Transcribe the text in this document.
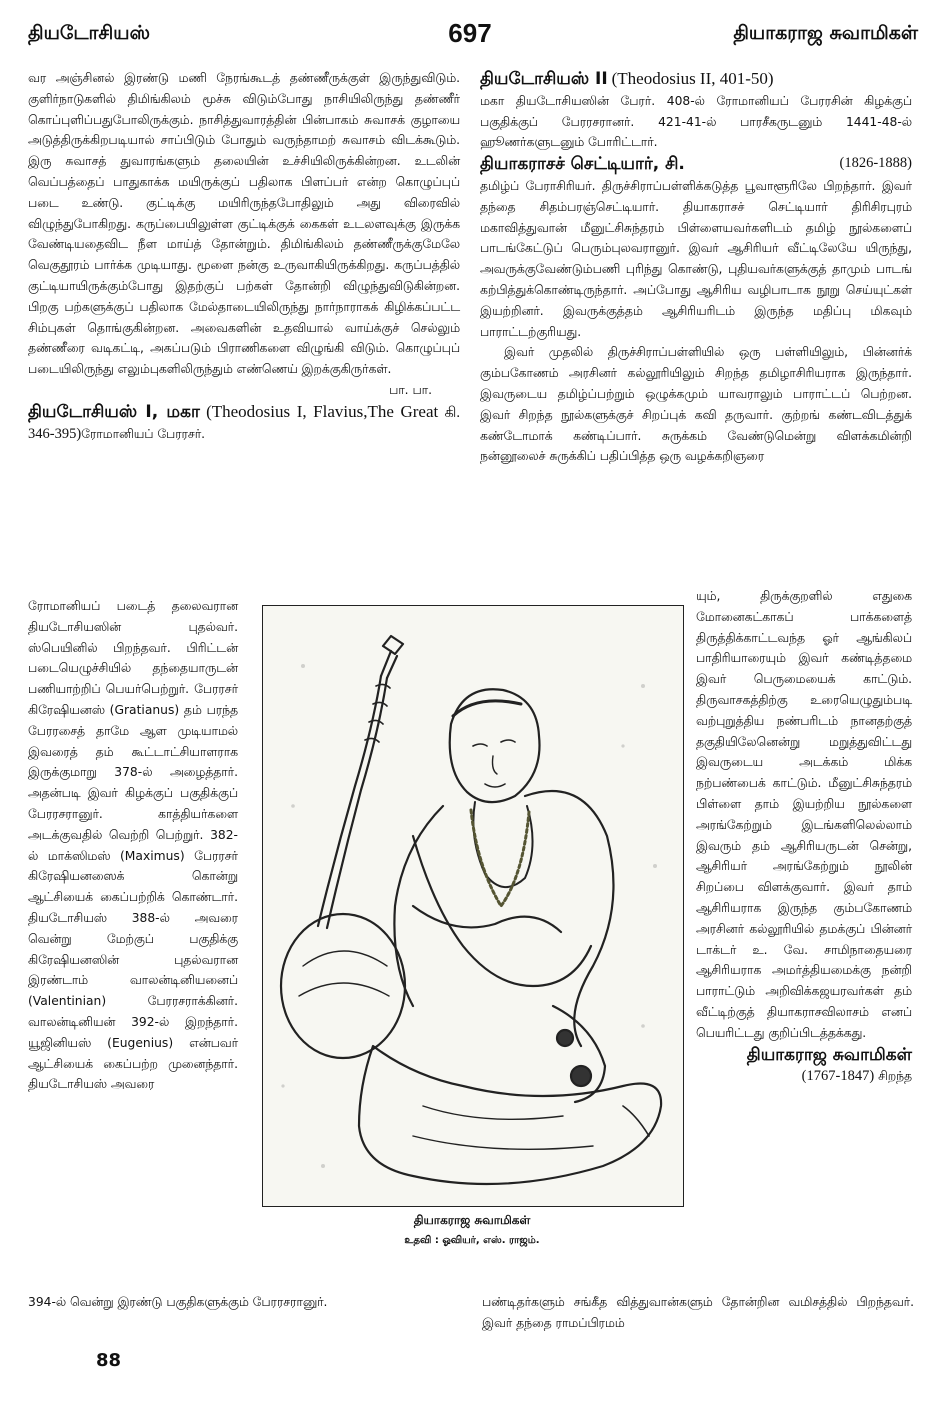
தியடோசியஸ்	697	தியாகராஜ சுவாமிகள்

வர அஞ்சினல் இரண்டு மணி நேரங்கூடத் தண்ணீருக்குள் இருந்துவிடும். குளிர்நாடுகளில் திமிங்கிலம் மூச்சு விடும்போது நாசியிலிருந்து தண்ணீர் கொப்புளிப்பதுபோலிருக்கும். நாசித்துவாரத்தின் பின்பாகம் சுவாசக் குழாயை அடுத்திருக்கிறபடியால் சாப்பிடும் போதும் வருந்தாமற் சுவாசம் விடக்கூடும். இரு சுவாசத் துவாரங்களும் தலையின் உச்சியிலிருக்கின்றன. உடலின் வெப்பத்தைப் பாதுகாக்க மயிருக்குப் பதிலாக பிளப்பர் என்ற கொழுப்புப் படை உண்டு. குட்டிக்கு மயிரிருந்தபோதிலும் அது விரைவில் விழுந்துபோகிறது. கருப்பையிலுள்ள குட்டிக்குக் கைகள் உடலளவுக்கு இருக்க வேண்டியதைவிட நீள மாய்த் தோன்றும். திமிங்கிலம் தண்ணீருக்குமேலே வெகுதூரம் பார்க்க முடியாது. மூளை நன்கு உருவாகியிருக்கிறது. கருப்பத்தில் குட்டியாயிருக்கும்போது இதற்குப் பற்கள் தோன்றி விழுந்துவிடுகின்றன. பிறகு பற்களுக்குப் பதிலாக மேல்தாடையிலிருந்து நார்நாராகக் கிழிக்கப்பட்ட சிம்புகள் தொங்குகின்றன. அவைகளின் உதவியால் வாய்க்குச் செல்லும் தண்ணீரை வடிகட்டி, அகப்படும் பிராணிகளை விழுங்கி விடும். கொழுப்புப் படையிலிருந்து எலும்புகளிலிருந்தும் எண்ணெய் இறக்குகிருர்கள்.

பா. பா.

தியடோசியஸ் I, மகா (Theodosius I, Flavius,The Great கி. 346-395)ரோமானியப் பேரரசர்.

ரோமானியப் படைத் தலைவரான தியடோசியஸின் புதல்வர். ஸ்பெயினில் பிறந்தவர். பிரிட்டன் படையெழுச்சியில் தந்தையாருடன் பணியாற்றிப் பெயர்பெற்றுர். பேரரசர் கிரேஷியனஸ் (Gratianus) தம் பரந்த பேரரசைத் தாமே ஆள முடியாமல் இவரைத் தம் கூட்டாட்சியாளராக இருக்குமாறு 378-ல் அழைத்தார். அதன்படி இவர் கிழக்குப் பகுதிக்குப் பேரரசரானுர். காத்தியர்களை அடக்குவதில் வெற்றி பெற்றுர். 382-ல் மாக்ஸிமஸ் (Maximus) பேரரசர் கிரேஷியனஸைக் கொன்று ஆட்சியைக் கைப்பற்றிக் கொண்டார். தியடோசியஸ் 388-ல் அவரை வென்று மேற்குப் பகுதிக்கு கிரேஷியனஸின் புதல்வரான இரண்டாம் வாலன்டினியனைப் (Valentinian) பேரரசராக்கினர். வாலன்டினியன் 392-ல் இறந்தார். யூஜினியஸ் (Eugenius) என்பவர் ஆட்சியைக் கைப்பற்ற முனைந்தார். தியடோசியஸ் அவரை

தியடோசியஸ் II (Theodosius II, 401-50)

மகா தியடோசியஸின் பேரர். 408-ல் ரோமானியப் பேரரசின் கிழக்குப் பகுதிக்குப் பேரரசரானர். 421-41-ல் பாரசீகருடனும் 1441-48-ல் ஹூணர்களுடனும் போரிட்டார்.

தியாகராசச் செட்டியார், சி.	(1826-1888)

தமிழ்ப் பேராசிரியர். திருச்சிராப்பள்ளிக்கடுத்த பூவாளூரிலே பிறந்தார். இவர் தந்தை சிதம்பரஞ்செட்டியார். தியாகராசச் செட்டியார் திரிசிரபுரம் மகாவித்துவான் மீனுட்சிசுந்தரம் பிள்ளையவர்களிடம் தமிழ் நூல்களைப் பாடங்கேட்டுப் பெரும்புலவரானுர். இவர் ஆசிரியர் வீட்டிலேயே யிருந்து, அவருக்குவேண்டும்பணி புரிந்து கொண்டு, புதியவர்களுக்குத் தாமும் பாடங் கற்பித்துக்கொண்டிருந்தார். அப்போது ஆசிரிய வழிபாடாக நூறு செய்யுட்கள் இயற்றினர். இவருக்குத்தம் ஆசிரியரிடம் இருந்த மதிப்பு மிகவும் பாராட்டற்குரியது.

இவர் முதலில் திருச்சிராப்பள்ளியில் ஒரு பள்ளியிலும், பின்னர்க் கும்பகோணம் அரசினர் கல்லூரியிலும் சிறந்த தமிழாசிரியராக இருந்தார். இவருடைய தமிழ்ப்பற்றும் ஒழுக்கமும் யாவராலும் பாராட்டப் பெற்றன. இவர் சிறந்த நூல்களுக்குச் சிறப்புக் கவி தருவார். குற்றங் கண்டவிடத்துக் கண்டோமாக் கண்டிப்பார். சுருக்கம் வேண்டுமென்று விளக்கமின்றி நன்னூலைச் சுருக்கிப் பதிப்பித்த ஒரு வழக்கறிஞரை

யும், திருக்குறளில் எதுகை மோனைகட்காகப் பாக்களைத் திருத்திக்காட்டவந்த ஓர் ஆங்கிலப் பாதிரியாரையும் இவர் கண்டித்தமை இவர் பெருமையைக் காட்டும். திருவாசகத்திற்கு உரையெழுதும்படி வற்புறுத்திய நண்பரிடம் நானதற்குத் தகுதியிலேனென்று மறுத்துவிட்டது இவருடைய அடக்கம் மிக்க நற்பண்பைக் காட்டும். மீனுட்சிசுந்தரம் பிள்ளை தாம் இயற்றிய நூல்களை அரங்கேற்றும் இடங்களிலெல்லாம் இவரும் தம் ஆசிரியருடன் சென்று, ஆசிரியர் அரங்கேற்றும் நூலின் சிறப்பை விளக்குவார். இவர் தாம் ஆசிரியராக இருந்த கும்பகோணம் அரசினர் கல்லூரியில் தமக்குப் பின்னர் டாக்டர் உ. வே. சாமிநாதையரை ஆசிரியராக அமர்த்தியமைக்கு நன்றி பாராட்டும் அறிவிக்கஜயரவர்கள் தம் வீட்டிற்குத் தியாகராசவிலாசம் எனப் பெயரிட்டது குறிப்பிடத்தக்கது.

தியாகராஜ சுவாமிகள்

(1767-1847) சிறந்த

தியாகராஜ சுவாமிகள்
உதவி : ஓவியர், எஸ். ராஜம்.
394-ல் வென்று இரண்டு பகுதிகளுக்கும் பேரரசரானுர்.	பண்டிதர்களும் சங்கீத வித்துவான்களும் தோன்றின வமிசத்தில் பிறந்தவர். இவர் தந்தை ராமப்பிரமம்
88
